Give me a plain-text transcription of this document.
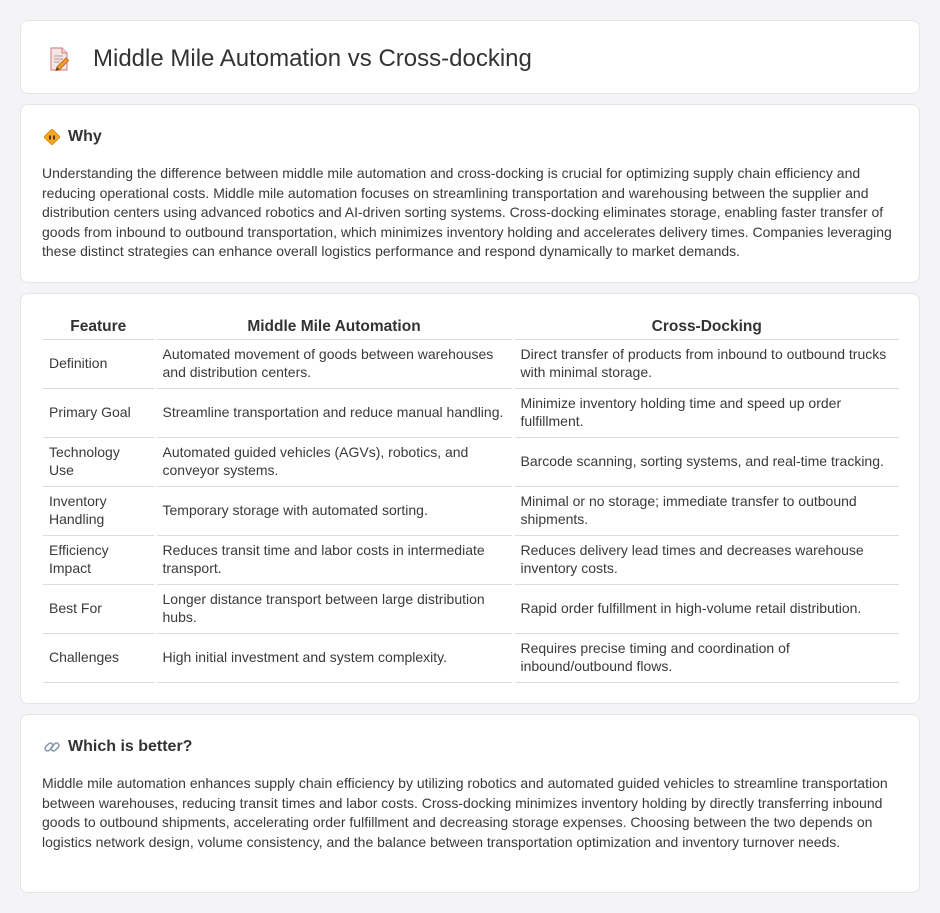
Middle Mile Automation vs Cross-docking
Why

Understanding the difference between middle mile automation and cross-docking is crucial for optimizing supply chain efficiency and reducing operational costs. Middle mile automation focuses on streamlining transportation and warehousing between the supplier and distribution centers using advanced robotics and AI-driven sorting systems. Cross-docking eliminates storage, enabling faster transfer of goods from inbound to outbound transportation, which minimizes inventory holding and accelerates delivery times. Companies leveraging these distinct strategies can enhance overall logistics performance and respond dynamically to market demands.

Feature	Middle Mile Automation	Cross-Docking
Definition	Automated movement of goods between warehouses and distribution centers.	Direct transfer of products from inbound to outbound trucks with minimal storage.
Primary Goal	Streamline transportation and reduce manual handling.	Minimize inventory holding time and speed up order fulfillment.
Technology Use	Automated guided vehicles (AGVs), robotics, and conveyor systems.	Barcode scanning, sorting systems, and real-time tracking.
Inventory Handling	Temporary storage with automated sorting.	Minimal or no storage; immediate transfer to outbound shipments.
Efficiency Impact	Reduces transit time and labor costs in intermediate transport.	Reduces delivery lead times and decreases warehouse inventory costs.
Best For	Longer distance transport between large distribution hubs.	Rapid order fulfillment in high-volume retail distribution.
Challenges	High initial investment and system complexity.	Requires precise timing and coordination of inbound/outbound flows.
Which is better?

Middle mile automation enhances supply chain efficiency by utilizing robotics and automated guided vehicles to streamline transportation between warehouses, reducing transit times and labor costs. Cross-docking minimizes inventory holding by directly transferring inbound goods to outbound shipments, accelerating order fulfillment and decreasing storage expenses. Choosing between the two depends on logistics network design, volume consistency, and the balance between transportation optimization and inventory turnover needs.
